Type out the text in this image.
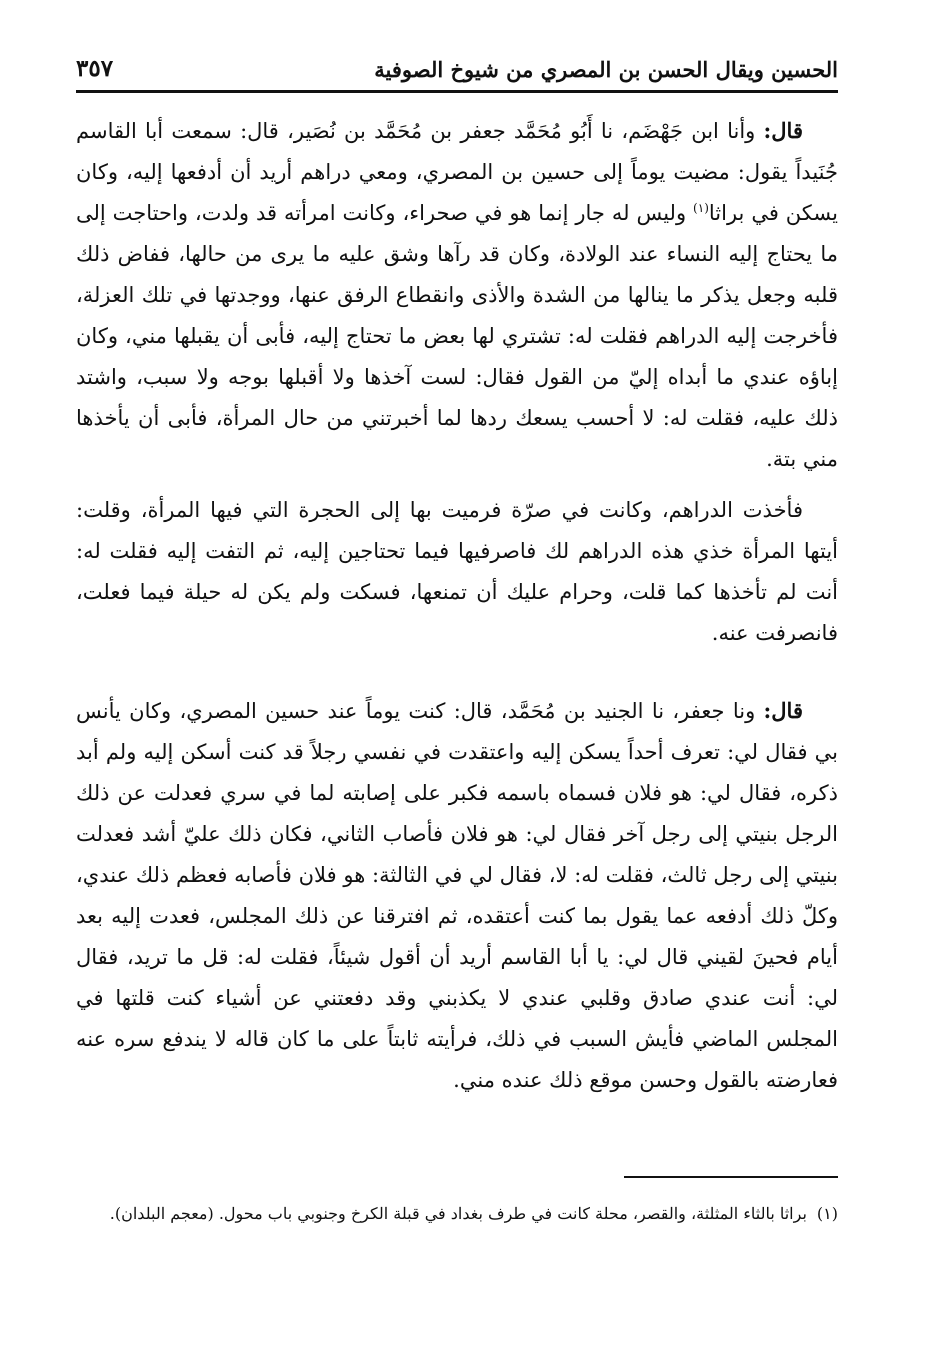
الحسين ويقال الحسن بن المصري من شيوخ الصوفية
٣٥٧

قال: وأنا ابن جَهْضَم، نا أَبُو مُحَمَّد جعفر بن مُحَمَّد بن نُصَير، قال: سمعت أبا القاسم جُنَيداً يقول: مضيت يوماً إلى حسين بن المصري، ومعي دراهم أريد أن أدفعها إليه، وكان يسكن في براثا$^{(١)}$ وليس له جار إنما هو في صحراء، وكانت امرأته قد ولدت، واحتاجت إلى ما يحتاج إليه النساء عند الولادة، وكان قد رآها وشق عليه ما يرى من حالها، ففاض ذلك قلبه وجعل يذكر ما ينالها من الشدة والأذى وانقطاع الرفق عنها، ووجدتها في تلك العزلة، فأخرجت إليه الدراهم فقلت له: تشتري لها بعض ما تحتاج إليه، فأبى أن يقبلها مني، وكان إباؤه عندي ما أبداه إليّ من القول فقال: لست آخذها ولا أقبلها بوجه ولا سبب، واشتد ذلك عليه، فقلت له: لا أحسب يسعك ردها لما أخبرتني من حال المرأة، فأبى أن يأخذها مني بتة.

فأخذت الدراهم، وكانت في صرّة فرميت بها إلى الحجرة التي فيها المرأة، وقلت: أيتها المرأة خذي هذه الدراهم لك فاصرفيها فيما تحتاجين إليه، ثم التفت إليه فقلت له: أنت لم تأخذها كما قلت، وحرام عليك أن تمنعها، فسكت ولم يكن له حيلة فيما فعلت، فانصرفت عنه.

قال: ونا جعفر، نا الجنيد بن مُحَمَّد، قال: كنت يوماً عند حسين المصري، وكان يأنس بي فقال لي: تعرف أحداً يسكن إليه واعتقدت في نفسي رجلاً قد كنت أسكن إليه ولم أبد ذكره، فقال لي: هو فلان فسماه باسمه فكبر على إصابته لما في سري فعدلت عن ذلك الرجل بنيتي إلى رجل آخر فقال لي: هو فلان فأصاب الثاني، فكان ذلك عليّ أشد فعدلت بنيتي إلى رجل ثالث، فقلت له: لا، فقال لي في الثالثة: هو فلان فأصابه فعظم ذلك عندي، وكلّ ذلك أدفعه عما يقول بما كنت أعتقده، ثم افترقنا عن ذلك المجلس، فعدت إليه بعد أيام فحينَ لقيني قال لي: يا أبا القاسم أريد أن أقول شيئاً، فقلت له: قل ما تريد، فقال لي: أنت عندي صادق وقلبي عندي لا يكذبني وقد دفعتني عن أشياء كنت قلتها في المجلس الماضي فأيش السبب في ذلك، فرأيته ثابتاً على ما كان قاله لا يندفع سره عنه فعارضته بالقول وحسن موقع ذلك عنده مني.

(١)براثا بالثاء المثلثة، والقصر، محلة كانت في طرف بغداد في قبلة الكرخ وجنوبي باب محول. (معجم البلدان).
